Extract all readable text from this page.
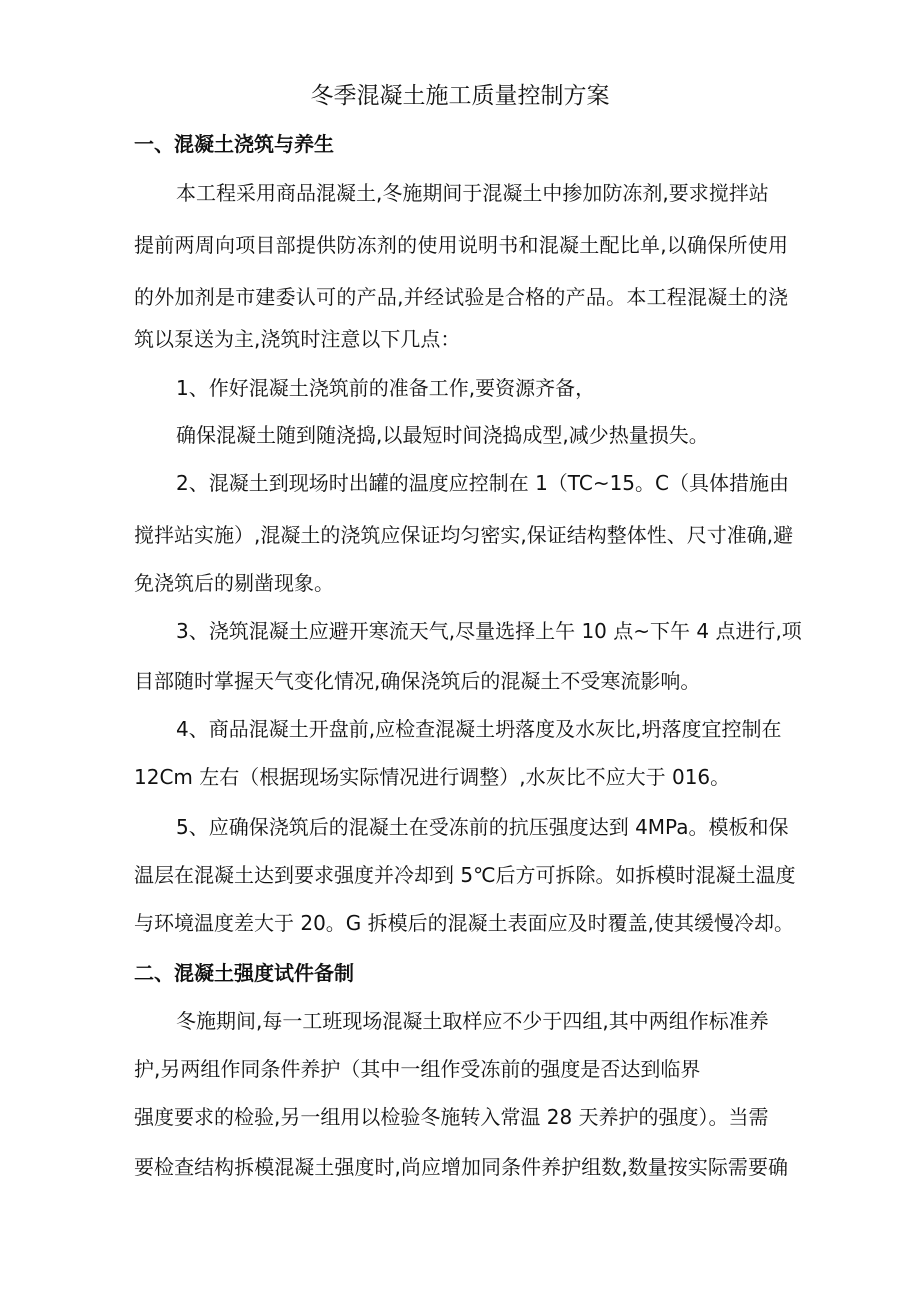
冬季混凝土施工质量控制方案
一、混凝土浇筑与养生

本工程采用商品混凝土,冬施期间于混凝土中掺加防冻剂,要求搅拌站

提前两周向项目部提供防冻剂的使用说明书和混凝土配比单,以确保所使用

的外加剂是市建委认可的产品,并经试验是合格的产品。本工程混凝土的浇

筑以泵送为主,浇筑时注意以下几点：

1、作好混凝土浇筑前的准备工作,要资源齐备，

确保混凝土随到随浇捣,以最短时间浇捣成型,减少热量损失。

2、混凝土到现场时出罐的温度应控制在 1（TC~15。C（具体措施由

搅拌站实施）,混凝土的浇筑应保证均匀密实,保证结构整体性、尺寸准确,避

免浇筑后的剔凿现象。

3、浇筑混凝土应避开寒流天气,尽量选择上午 10 点~下午 4 点进行,项

目部随时掌握天气变化情况,确保浇筑后的混凝土不受寒流影响。

4、商品混凝土开盘前,应检查混凝土坍落度及水灰比,坍落度宜控制在

12Cm 左右（根据现场实际情况进行调整）,水灰比不应大于 016。

5、应确保浇筑后的混凝土在受冻前的抗压强度达到 4MPa。模板和保

温层在混凝土达到要求强度并冷却到 5℃后方可拆除。如拆模时混凝土温度

与环境温度差大于 20。G 拆模后的混凝土表面应及时覆盖,使其缓慢冷却。

二、混凝土强度试件备制

冬施期间,每一工班现场混凝土取样应不少于四组,其中两组作标准养

护,另两组作同条件养护（其中一组作受冻前的强度是否达到临界

强度要求的检验,另一组用以检验冬施转入常温 28 天养护的强度）。当需

要检查结构拆模混凝土强度时,尚应增加同条件养护组数,数量按实际需要确
